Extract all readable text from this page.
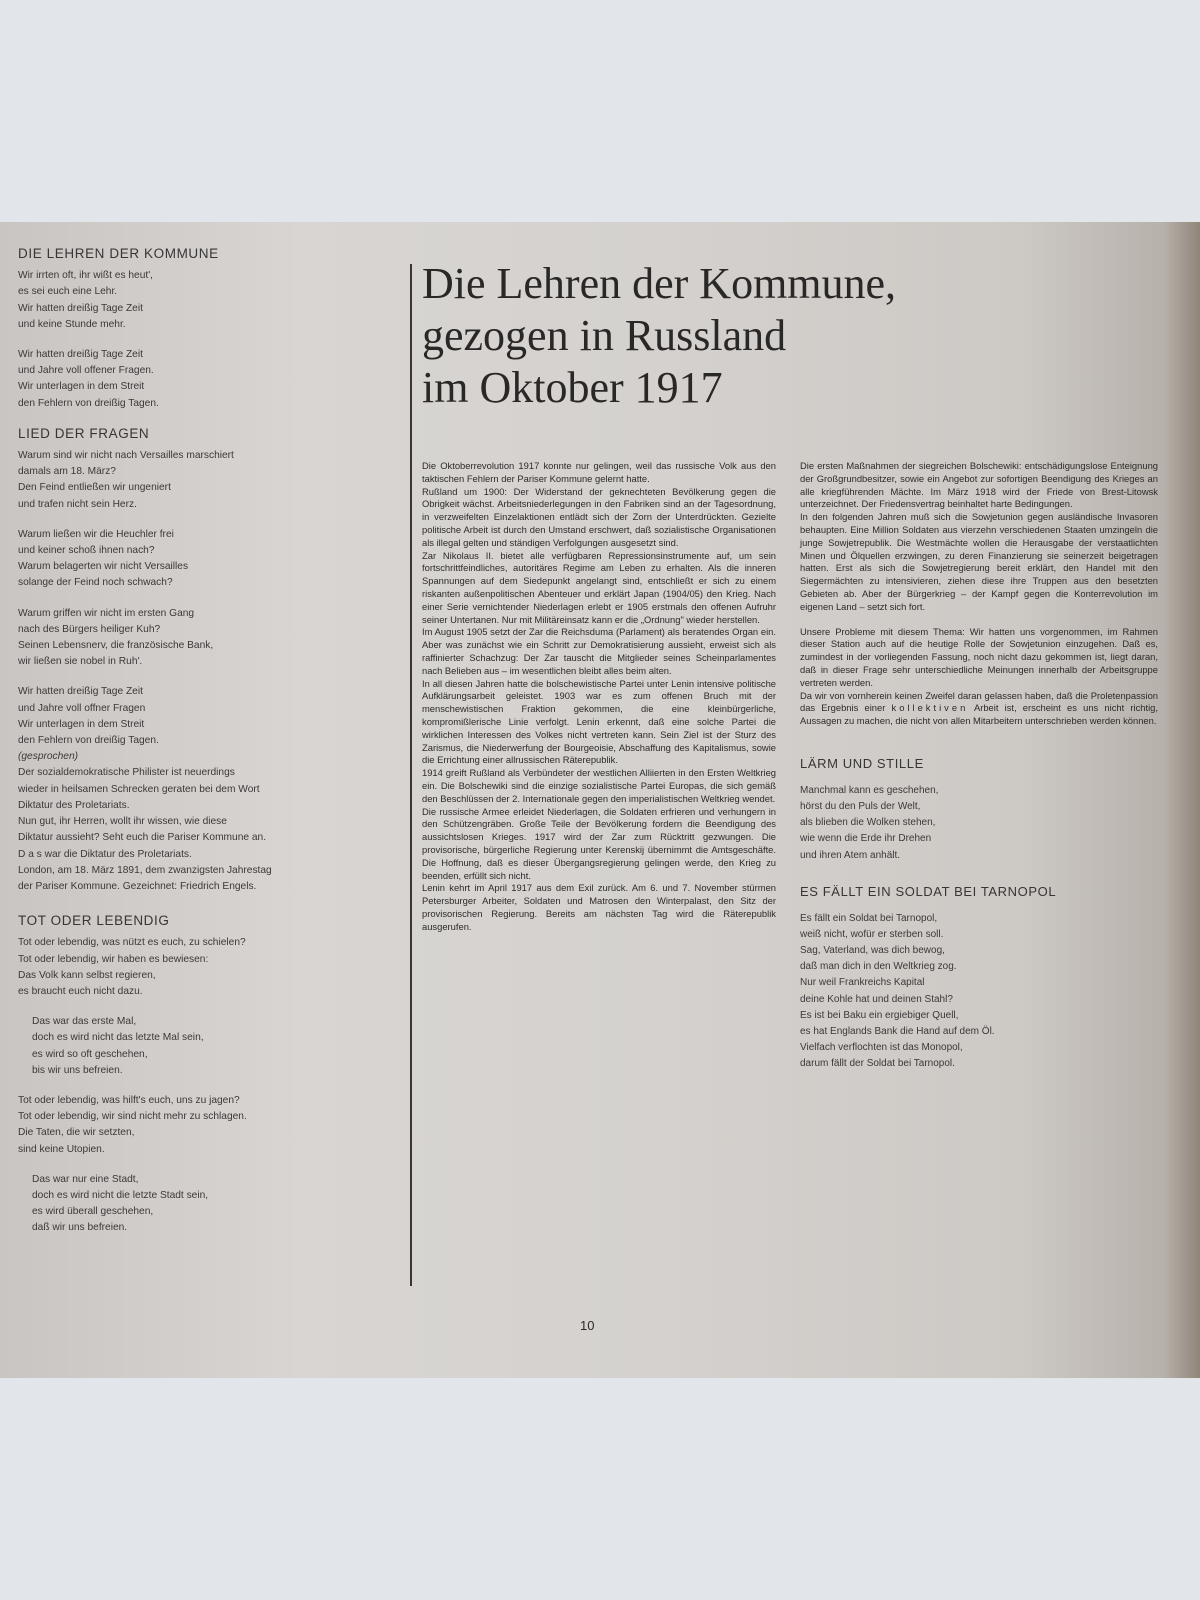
DIE LEHREN DER KOMMUNE
Wir irrten oft, ihr wißt es heut',
es sei euch eine Lehr.
Wir hatten dreißig Tage Zeit
und keine Stunde mehr.
Wir hatten dreißig Tage Zeit
und Jahre voll offener Fragen.
Wir unterlagen in dem Streit
den Fehlern von dreißig Tagen.
LIED DER FRAGEN
Warum sind wir nicht nach Versailles marschiert
damals am 18. März?
Den Feind entließen wir ungeniert
und trafen nicht sein Herz.
Warum ließen wir die Heuchler frei
und keiner schoß ihnen nach?
Warum belagerten wir nicht Versailles
solange der Feind noch schwach?
Warum griffen wir nicht im ersten Gang
nach des Bürgers heiliger Kuh?
Seinen Lebensnerv, die französische Bank,
wir ließen sie nobel in Ruh'.
Wir hatten dreißig Tage Zeit
und Jahre voll offner Fragen
Wir unterlagen in dem Streit
den Fehlern von dreißig Tagen.

(gesprochen)

Der sozialdemokratische Philister ist neuerdings
wieder in heilsamen Schrecken geraten bei dem Wort
Diktatur des Proletariats.
Nun gut, ihr Herren, wollt ihr wissen, wie diese
Diktatur aussieht? Seht euch die Pariser Kommune an.
D a s war die Diktatur des Proletariats.
London, am 18. März 1891, dem zwanzigsten Jahrestag
der Pariser Kommune. Gezeichnet: Friedrich Engels.
TOT ODER LEBENDIG
Tot oder lebendig, was nützt es euch, zu schielen?
Tot oder lebendig, wir haben es bewiesen:
Das Volk kann selbst regieren,
es braucht euch nicht dazu.
Das war das erste Mal,
doch es wird nicht das letzte Mal sein,
es wird so oft geschehen,
bis wir uns befreien.
Tot oder lebendig, was hilft's euch, uns zu jagen?
Tot oder lebendig, wir sind nicht mehr zu schlagen.
Die Taten, die wir setzten,
sind keine Utopien.
Das war nur eine Stadt,
doch es wird nicht die letzte Stadt sein,
es wird überall geschehen,
daß wir uns befreien.
Die Lehren der Kommune,
gezogen in Russland
im Oktober 1917

Die Oktoberrevolution 1917 konnte nur gelingen, weil das russische Volk aus den taktischen Fehlern der Pariser Kommune gelernt hatte.

Rußland um 1900: Der Widerstand der geknechteten Bevölkerung gegen die Obrigkeit wächst. Arbeitsniederlegungen in den Fabriken sind an der Tagesordnung, in verzweifelten Einzelaktionen entlädt sich der Zorn der Unterdrückten. Gezielte politische Arbeit ist durch den Umstand erschwert, daß sozialistische Organisationen als illegal gelten und ständigen Verfolgungen ausgesetzt sind.

Zar Nikolaus II. bietet alle verfügbaren Repressionsinstrumente auf, um sein fortschrittfeindliches, autoritäres Regime am Leben zu erhalten. Als die inneren Spannungen auf dem Siedepunkt angelangt sind, entschließt er sich zu einem riskanten außenpolitischen Abenteuer und erklärt Japan (1904/05) den Krieg. Nach einer Serie vernichtender Niederlagen erlebt er 1905 erstmals den offenen Aufruhr seiner Untertanen. Nur mit Militäreinsatz kann er die „Ordnung" wieder herstellen.

Im August 1905 setzt der Zar die Reichsduma (Parlament) als beratendes Organ ein. Aber was zunächst wie ein Schritt zur Demokratisierung aussieht, erweist sich als raffinierter Schachzug: Der Zar tauscht die Mitglieder seines Scheinparlamentes nach Belieben aus – im wesentlichen bleibt alles beim alten.

In all diesen Jahren hatte die bolschewistische Partei unter Lenin intensive politische Aufklärungsarbeit geleistet. 1903 war es zum offenen Bruch mit der menschewistischen Fraktion gekommen, die eine kleinbürgerliche, kompromißlerische Linie verfolgt. Lenin erkennt, daß eine solche Partei die wirklichen Interessen des Volkes nicht vertreten kann. Sein Ziel ist der Sturz des Zarismus, die Niederwerfung der Bourgeoisie, Abschaffung des Kapitalismus, sowie die Errichtung einer allrussischen Räterepublik.

1914 greift Rußland als Verbündeter der westlichen Alliierten in den Ersten Weltkrieg ein. Die Bolschewiki sind die einzige sozialistische Partei Europas, die sich gemäß den Beschlüssen der 2. Internationale gegen den imperialistischen Weltkrieg wendet.

Die russische Armee erleidet Niederlagen, die Soldaten erfrieren und verhungern in den Schützengräben. Große Teile der Bevölkerung fordern die Beendigung des aussichtslosen Krieges. 1917 wird der Zar zum Rücktritt gezwungen. Die provisorische, bürgerliche Regierung unter Kerenskij übernimmt die Amtsgeschäfte. Die Hoffnung, daß es dieser Übergangsregierung gelingen werde, den Krieg zu beenden, erfüllt sich nicht.

Lenin kehrt im April 1917 aus dem Exil zurück. Am 6. und 7. November stürmen Petersburger Arbeiter, Soldaten und Matrosen den Winterpalast, den Sitz der provisorischen Regierung. Bereits am nächsten Tag wird die Räterepublik ausgerufen.

Die ersten Maßnahmen der siegreichen Bolschewiki: entschädigungslose Enteignung der Großgrundbesitzer, sowie ein Angebot zur sofortigen Beendigung des Krieges an alle kriegführenden Mächte. Im März 1918 wird der Friede von Brest-Litowsk unterzeichnet. Der Friedensvertrag beinhaltet harte Bedingungen.

In den folgenden Jahren muß sich die Sowjetunion gegen ausländische Invasoren behaupten. Eine Million Soldaten aus vierzehn verschiedenen Staaten umzingeln die junge Sowjetrepublik. Die Westmächte wollen die Herausgabe der verstaatlichten Minen und Ölquellen erzwingen, zu deren Finanzierung sie seinerzeit beigetragen hatten. Erst als sich die Sowjetregierung bereit erklärt, den Handel mit den Siegermächten zu intensivieren, ziehen diese ihre Truppen aus den besetzten Gebieten ab. Aber der Bürgerkrieg – der Kampf gegen die Konterrevolution im eigenen Land – setzt sich fort.

Unsere Probleme mit diesem Thema: Wir hatten uns vorgenommen, im Rahmen dieser Station auch auf die heutige Rolle der Sowjetunion einzugehen. Daß es, zumindest in der vorliegenden Fassung, noch nicht dazu gekommen ist, liegt daran, daß in dieser Frage sehr unterschiedliche Meinungen innerhalb der Arbeitsgruppe vertreten werden.

Da wir von vornherein keinen Zweifel daran gelassen haben, daß die Proletenpassion das Ergebnis einer kollektiven Arbeit ist, erscheint es uns nicht richtig, Aussagen zu machen, die nicht von allen Mitarbeitern unterschrieben werden können.

LÄRM UND STILLE
Manchmal kann es geschehen,
hörst du den Puls der Welt,
als blieben die Wolken stehen,
wie wenn die Erde ihr Drehen
und ihren Atem anhält.
ES FÄLLT EIN SOLDAT BEI TARNOPOL
Es fällt ein Soldat bei Tarnopol,
weiß nicht, wofür er sterben soll.
Sag, Vaterland, was dich bewog,
daß man dich in den Weltkrieg zog.
Nur weil Frankreichs Kapital
deine Kohle hat und deinen Stahl?
Es ist bei Baku ein ergiebiger Quell,
es hat Englands Bank die Hand auf dem Öl.
Vielfach verflochten ist das Monopol,
darum fällt der Soldat bei Tarnopol.
10
